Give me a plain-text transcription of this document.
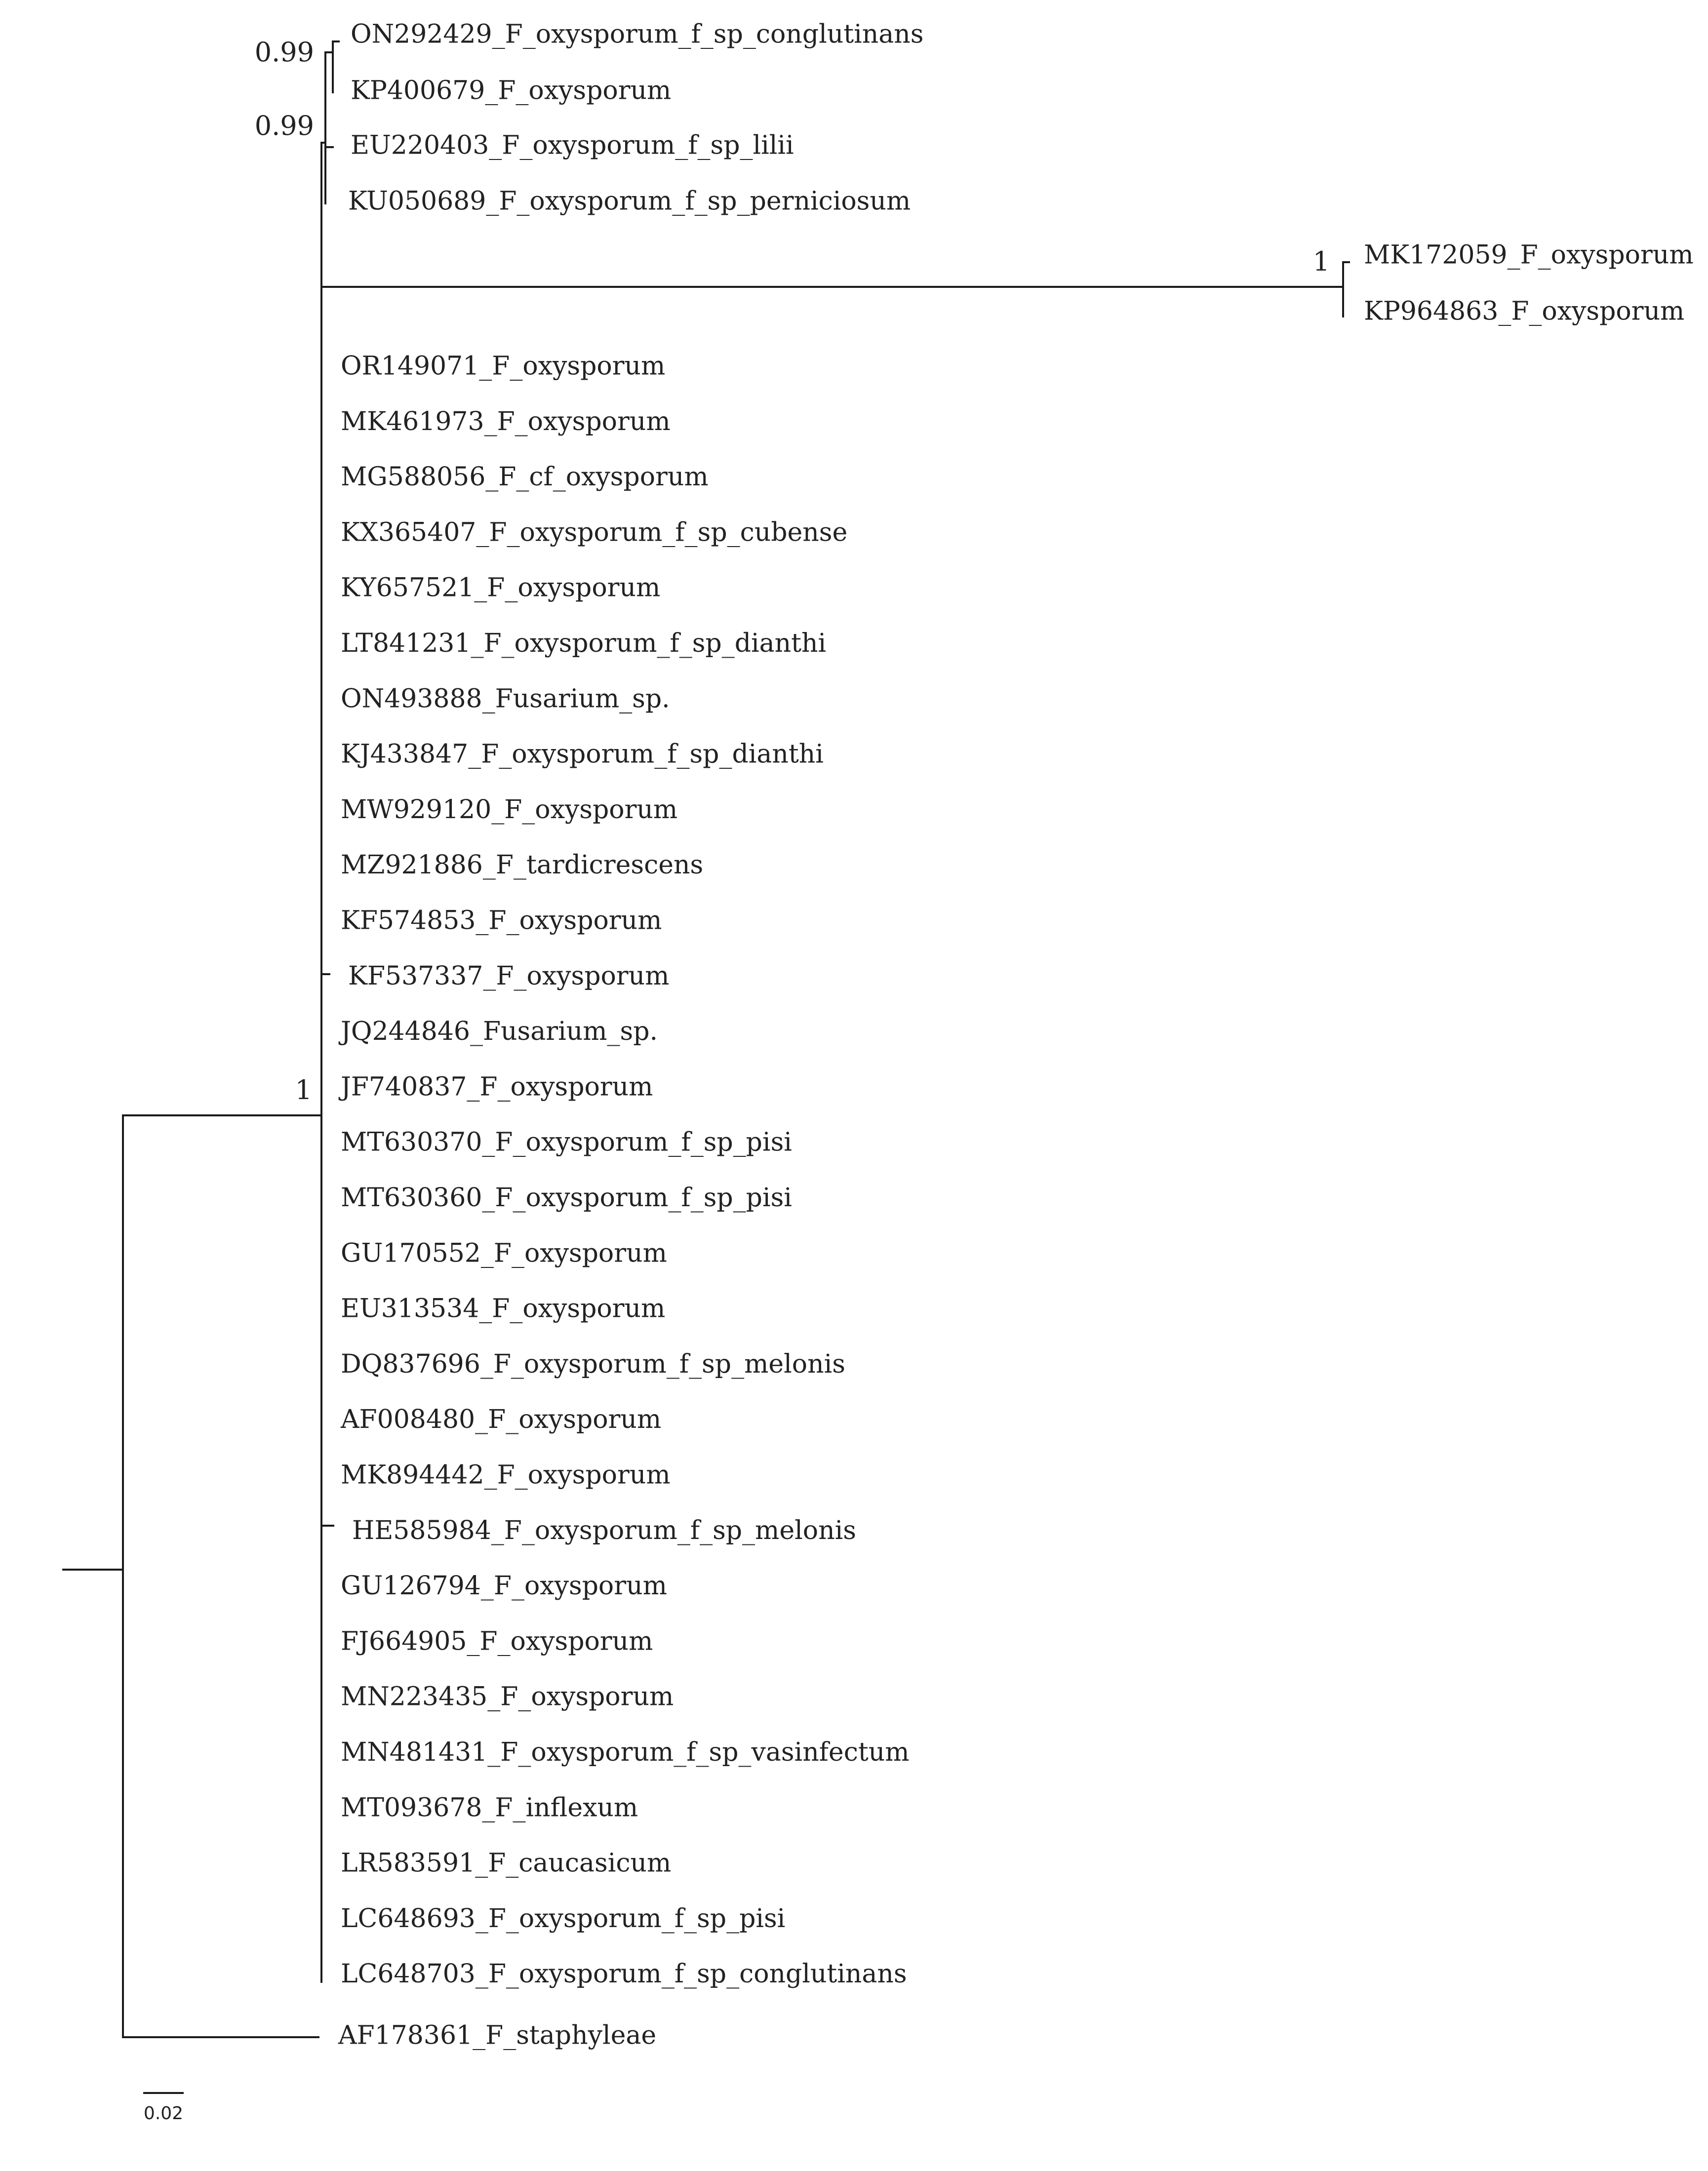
ON292429_F_oxysporum_f_sp_conglutinans
KP400679_F_oxysporum
EU220403_F_oxysporum_f_sp_lilii
KU050689_F_oxysporum_f_sp_perniciosum
MK172059_F_oxysporum
KP964863_F_oxysporum
OR149071_F_oxysporum
MK461973_F_oxysporum
MG588056_F_cf_oxysporum
KX365407_F_oxysporum_f_sp_cubense
KY657521_F_oxysporum
LT841231_F_oxysporum_f_sp_dianthi
ON493888_Fusarium_sp.
KJ433847_F_oxysporum_f_sp_dianthi
MW929120_F_oxysporum
MZ921886_F_tardicrescens
KF574853_F_oxysporum
KF537337_F_oxysporum
JQ244846_Fusarium_sp.
JF740837_F_oxysporum
MT630370_F_oxysporum_f_sp_pisi
MT630360_F_oxysporum_f_sp_pisi
GU170552_F_oxysporum
EU313534_F_oxysporum
DQ837696_F_oxysporum_f_sp_melonis
AF008480_F_oxysporum
MK894442_F_oxysporum
HE585984_F_oxysporum_f_sp_melonis
GU126794_F_oxysporum
FJ664905_F_oxysporum
MN223435_F_oxysporum
MN481431_F_oxysporum_f_sp_vasinfectum
MT093678_F_inflexum
LR583591_F_caucasicum
LC648693_F_oxysporum_f_sp_pisi
LC648703_F_oxysporum_f_sp_conglutinans
AF178361_F_staphyleae
0.99
0.99
1
1
0.02
